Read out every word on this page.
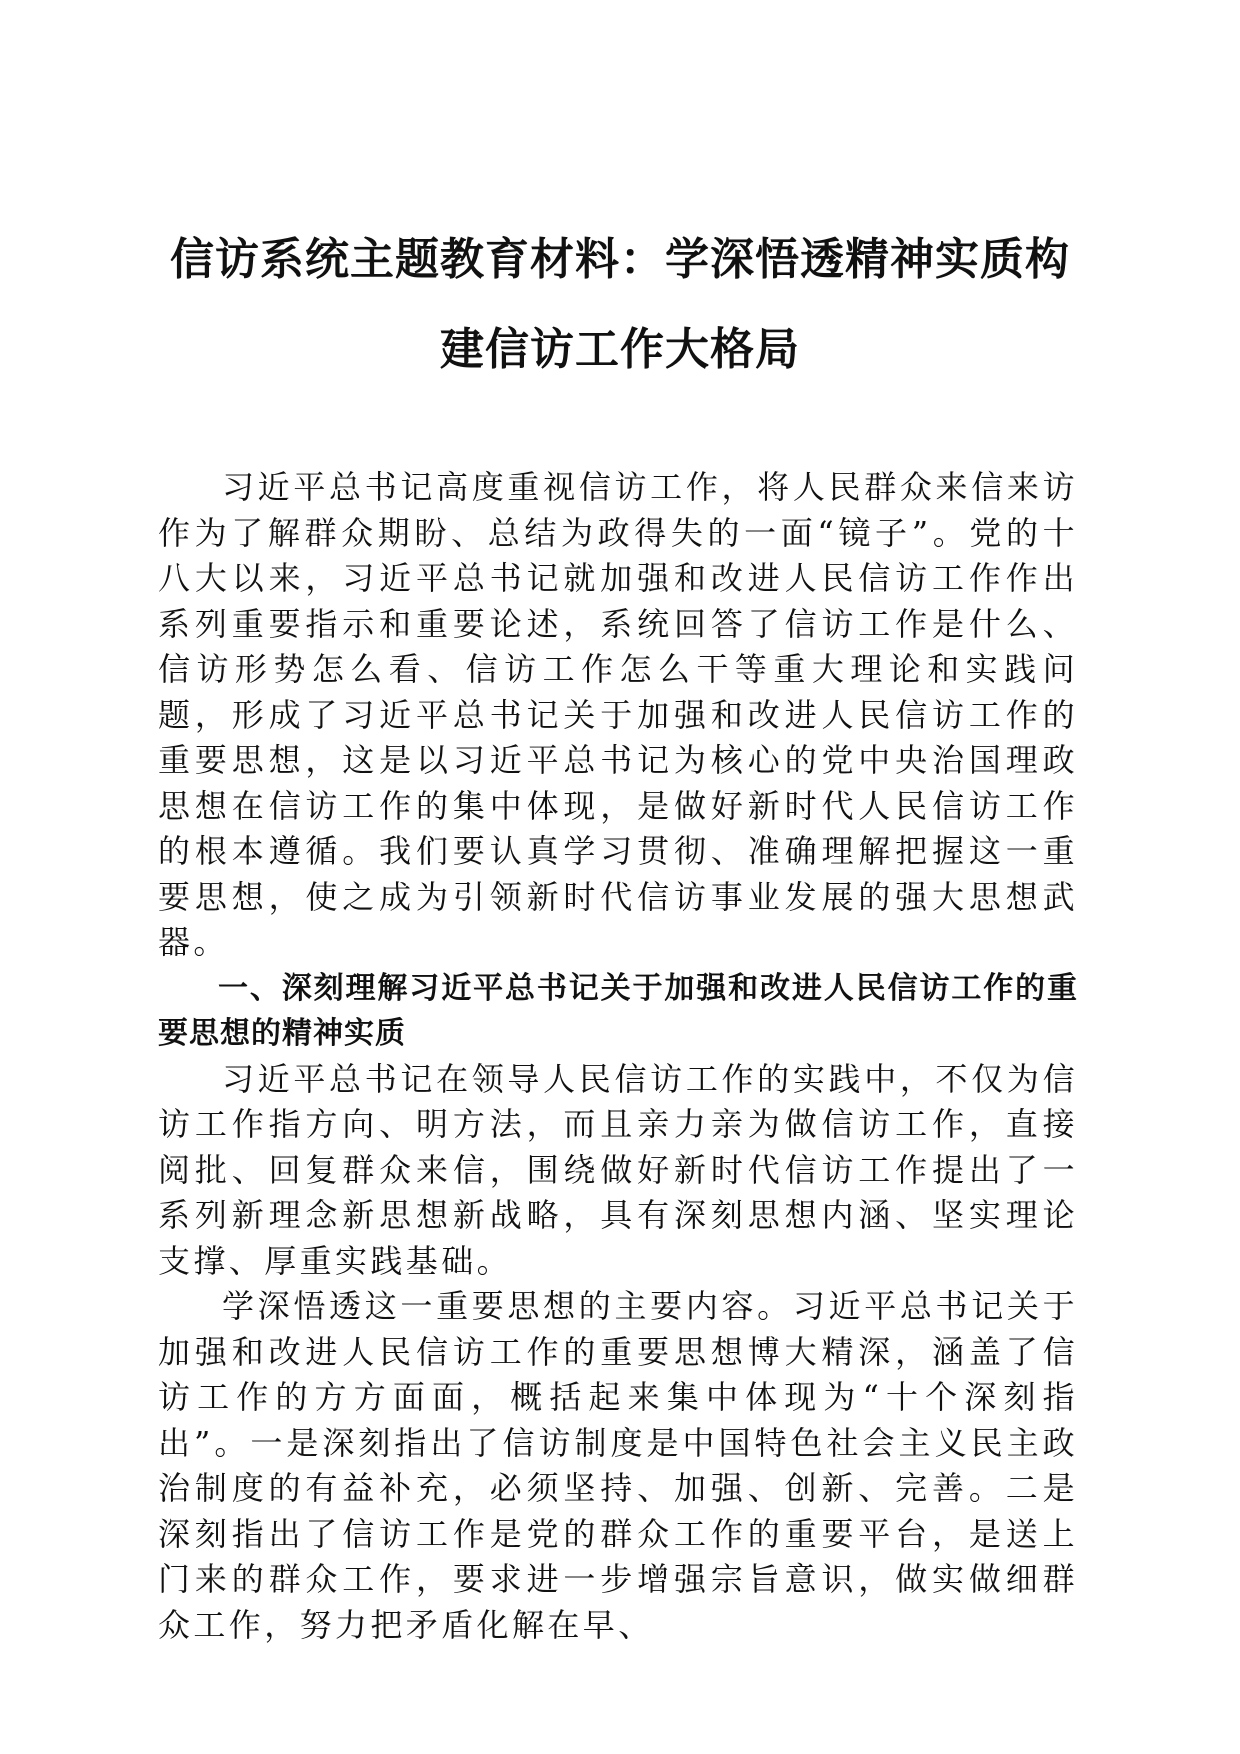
信访系统主题教育材料：学深悟透精神实质构
建信访工作大格局

习近平总书记高度重视信访工作，将人民群众来信来访作为了解群众期盼、总结为政得失的一面“镜子”。党的十八大以来，习近平总书记就加强和改进人民信访工作作出系列重要指示和重要论述，系统回答了信访工作是什么、信访形势怎么看、信访工作怎么干等重大理论和实践问题，形成了习近平总书记关于加强和改进人民信访工作的重要思想，这是以习近平总书记为核心的党中央治国理政思想在信访工作的集中体现，是做好新时代人民信访工作的根本遵循。我们要认真学习贯彻、准确理解把握这一重要思想，使之成为引领新时代信访事业发展的强大思想武器。

一、深刻理解习近平总书记关于加强和改进人民信访工作的重要思想的精神实质

习近平总书记在领导人民信访工作的实践中，不仅为信访工作指方向、明方法，而且亲力亲为做信访工作，直接阅批、回复群众来信，围绕做好新时代信访工作提出了一系列新理念新思想新战略，具有深刻思想内涵、坚实理论支撑、厚重实践基础。

学深悟透这一重要思想的主要内容。习近平总书记关于加强和改进人民信访工作的重要思想博大精深，涵盖了信访工作的方方面面，概括起来集中体现为“十个深刻指出”。一是深刻指出了信访制度是中国特色社会主义民主政治制度的有益补充，必须坚持、加强、创新、完善。二是深刻指出了信访工作是党的群众工作的重要平台，是送上门来的群众工作，要求进一步增强宗旨意识，做实做细群众工作，努力把矛盾化解在早、
